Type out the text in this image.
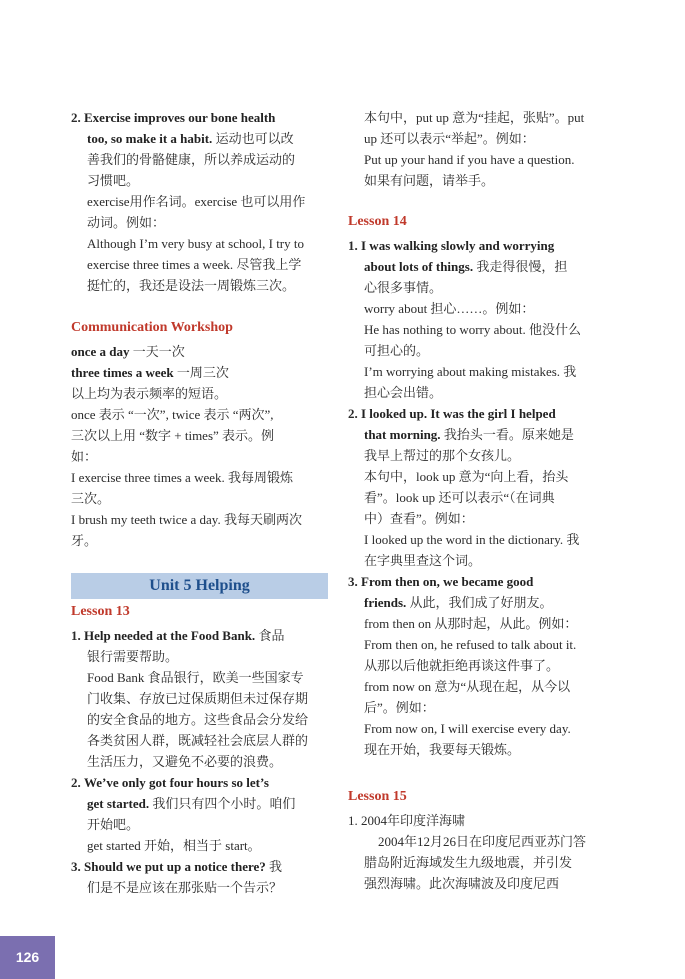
2. Exercise improves our bone health
too, so make it a habit. 运动也可以改
善我们的骨骼健康，所以养成运动的
习惯吧。
exercise用作名词。exercise 也可以用作
动词。例如：
Although I’m very busy at school, I try to
exercise three times a week. 尽管我上学
挺忙的，我还是设法一周锻炼三次。
Communication Workshop
once a day 一天一次
three times a week 一周三次
以上均为表示频率的短语。
once 表示 “一次”, twice 表示 “两次”,
三次以上用 “数字 + times” 表示。例
如：
I exercise three times a week. 我每周锻炼
三次。
I brush my teeth twice a day. 我每天刷两次
牙。
Unit 5 Helping
Lesson 13
1. Help needed at the Food Bank. 食品
银行需要帮助。
Food Bank 食品银行，欧美一些国家专
门收集、存放已过保质期但未过保存期
的安全食品的地方。这些食品会分发给
各类贫困人群，既减轻社会底层人群的
生活压力，又避免不必要的浪费。
2. We’ve only got four hours so let’s
get started. 我们只有四个小时。咱们
开始吧。
get started 开始，相当于 start。
3. Should we put up a notice there? 我
们是不是应该在那张贴一个告示？
126
本句中，put up 意为“挂起，张贴”。put
up 还可以表示“举起”。例如：
Put up your hand if you have a question.
如果有问题，请举手。
Lesson 14
1. I was walking slowly and worrying
about lots of things. 我走得很慢，担
心很多事情。
worry about 担心……。例如：
He has nothing to worry about. 他没什么
可担心的。
I’m worrying about making mistakes. 我
担心会出错。
2. I looked up. It was the girl I helped
that morning. 我抬头一看。原来她是
我早上帮过的那个女孩儿。
本句中，look up 意为“向上看，抬头
看”。look up 还可以表示“（在词典
中）查看”。例如：
I looked up the word in the dictionary. 我
在字典里查这个词。
3. From then on, we became good
friends. 从此，我们成了好朋友。
from then on 从那时起，从此。例如：
From then on, he refused to talk about it.
从那以后他就拒绝再谈这件事了。
from now on 意为“从现在起，从今以
后”。例如：
From now on, I will exercise every day.
现在开始，我要每天锻炼。
Lesson 15
1. 2004年印度洋海啸
2004年12月26日在印度尼西亚苏门答
腊岛附近海域发生九级地震，并引发
强烈海啸。此次海啸波及印度尼西
